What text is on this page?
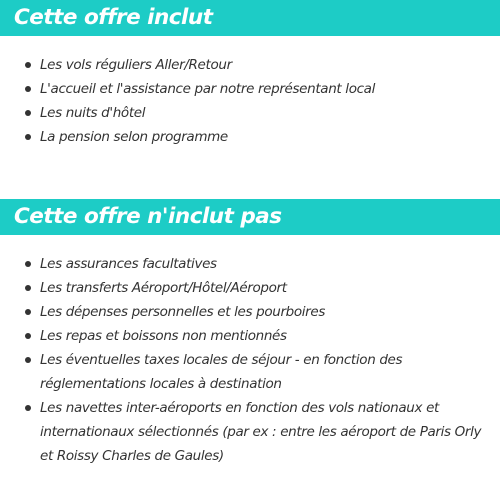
Cette offre inclut
Les vols réguliers Aller/Retour
L'accueil et l'assistance par notre représentant local
Les nuits d'hôtel
La pension selon programme
Cette offre n'inclut pas
Les assurances facultatives
Les transferts Aéroport/Hôtel/Aéroport
Les dépenses personnelles et les pourboires
Les repas et boissons non mentionnés
Les éventuelles taxes locales de séjour - en fonction des réglementations locales à destination
Les navettes inter-aéroports en fonction des vols nationaux et internationaux sélectionnés (par ex : entre les aéroport de Paris Orly et Roissy Charles de Gaules)
